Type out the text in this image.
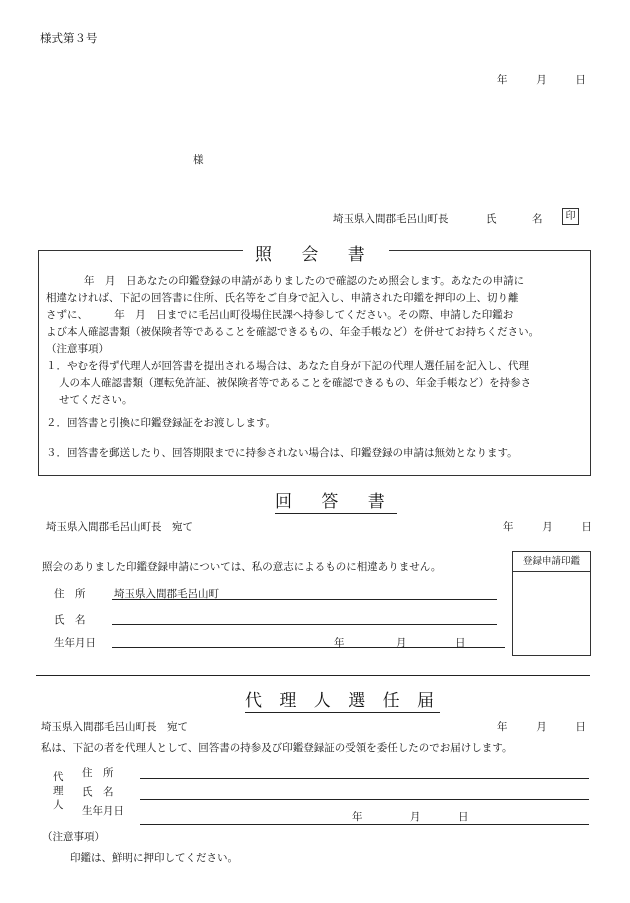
様式第３号
年	月	日
様
埼玉県入間郡毛呂山町長	氏	名	印
照 会 書
年　月　日あなたの印鑑登録の申請がありましたので確認のため照会します。あなたの申請に
相違なければ、下記の回答書に住所、氏名等をご自身で記入し、申請された印鑑を押印の上、切り離
さずに、　　　年　月　日までに毛呂山町役場住民課へ持参してください。その際、申請した印鑑お
よび本人確認書類（被保険者等であることを確認できるもの、年金手帳など）を併せてお持ちください。
（注意事項）
１．やむを得ず代理人が回答書を提出される場合は、あなた自身が下記の代理人選任届を記入し、代理
人の本人確認書類（運転免許証、被保険者等であることを確認できるもの、年金手帳など）を持参さ
せてください。
２．回答書と引換に印鑑登録証をお渡しします。
３．回答書を郵送したり、回答期限までに持参されない場合は、印鑑登録の申請は無効となります。
回 答 書
埼玉県入間郡毛呂山町長　宛て	年	月	日
照会のありました印鑑登録申請については、私の意志によるものに相違ありません。
住　所	埼玉県入間郡毛呂山町
氏　名
生年月日	年	月	日
登録申請印鑑
代 理 人 選 任 届
埼玉県入間郡毛呂山町長　宛て	年	月	日
私は、下記の者を代理人として、回答書の持参及び印鑑登録証の受領を委任したのでお届けします。
代
理
人
住　所
氏　名
生年月日	年	月	日
（注意事項）
印鑑は、鮮明に押印してください。
